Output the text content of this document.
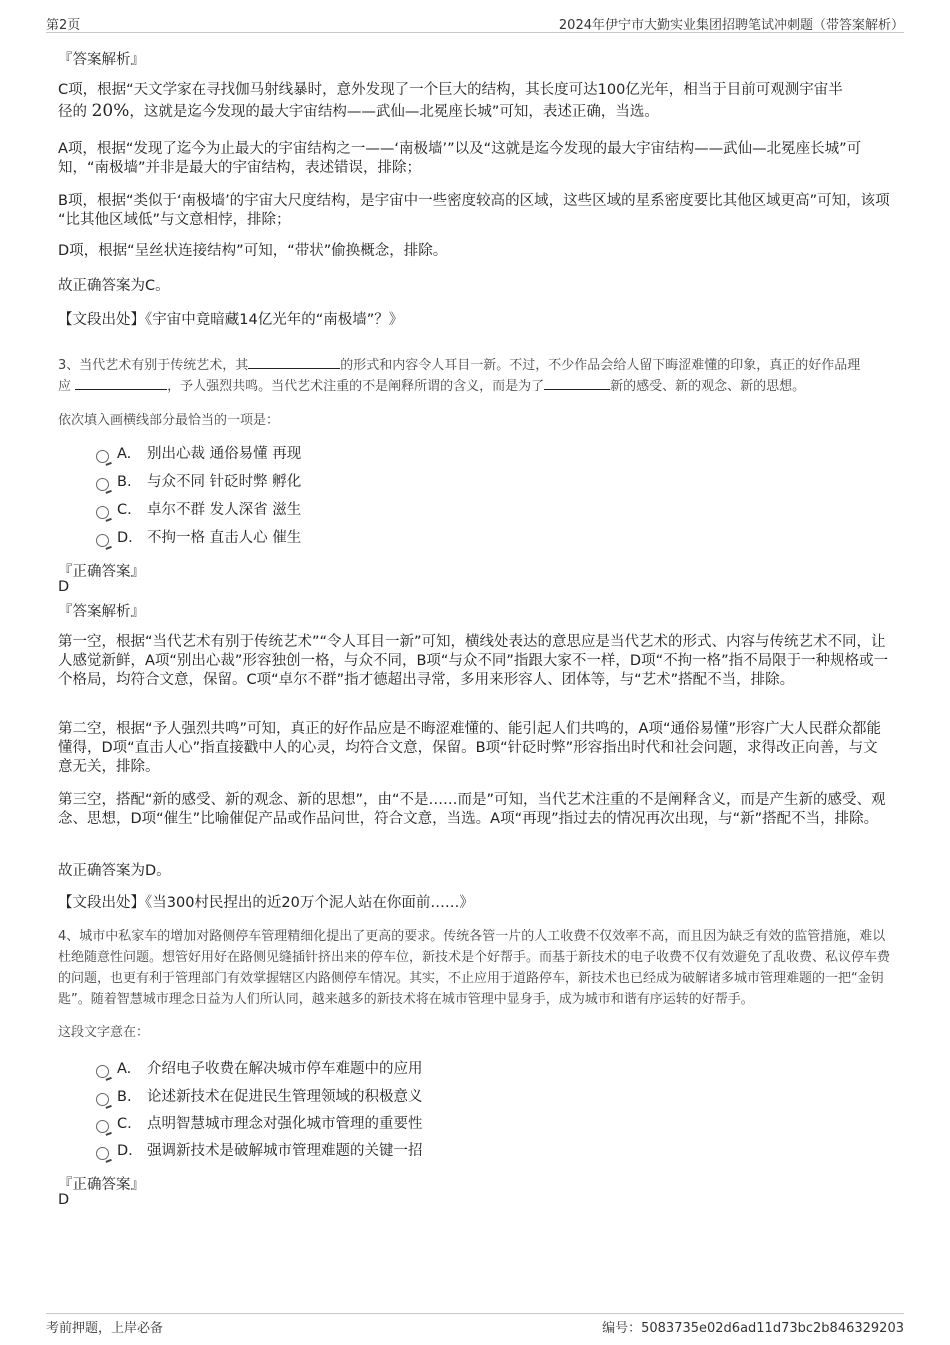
第2页	2024年伊宁市大勤实业集团招聘笔试冲刺题（带答案解析）
『答案解析』
C项，根据“天文学家在寻找伽马射线暴时，意外发现了一个巨大的结构，其长度可达100亿光年，相当于目前可观测宇宙半
径的 20%，这就是迄今发现的最大宇宙结构——武仙—北冕座长城”可知，表述正确，当选。
A项，根据“发现了迄今为止最大的宇宙结构之一——‘南极墙’”以及“这就是迄今发现的最大宇宙结构——武仙—北冕座长城”可知，“南极墙”并非是最大的宇宙结构，表述错误，排除；
B项，根据“类似于‘南极墙’的宇宙大尺度结构，是宇宙中一些密度较高的区域，这些区域的星系密度要比其他区域更高”可知，该项 “比其他区域低”与文意相悖，排除；
D项，根据“呈丝状连接结构”可知，“带状”偷换概念，排除。
故正确答案为C。
【文段出处】《宇宙中竟暗藏14亿光年的“南极墙”？》
3、当代艺术有别于传统艺术，其	的形式和内容令人耳目一新。不过，不少作品会给人留下晦涩难懂的印象，真正的好作品理
应	，予人强烈共鸣。当代艺术注重的不是阐释所谓的含义，而是为了	新的感受、新的观念、新的思想。
依次填入画横线部分最恰当的一项是：
A. 别出心裁 通俗易懂 再现
B. 与众不同 针砭时弊 孵化
C. 卓尔不群 发人深省 滋生
D. 不拘一格 直击人心 催生
『正确答案』
D
『答案解析』
第一空，根据“当代艺术有别于传统艺术”“令人耳目一新”可知，横线处表达的意思应是当代艺术的形式、内容与传统艺术不同，让人感觉新鲜，A项“别出心裁”形容独创一格，与众不同，B项“与众不同”指跟大家不一样，D项“不拘一格”指不局限于一种规格或一个格局，均符合文意，保留。C项“卓尔不群”指才德超出寻常，多用来形容人、团体等，与“艺术”搭配不当，排除。
第二空，根据“予人强烈共鸣”可知，真正的好作品应是不晦涩难懂的、能引起人们共鸣的，A项“通俗易懂”形容广大人民群众都能懂得，D项“直击人心”指直接戳中人的心灵，均符合文意，保留。B项“针砭时弊”形容指出时代和社会问题，求得改正向善，与文意无关，排除。
第三空，搭配“新的感受、新的观念、新的思想”，由“不是……而是”可知，当代艺术注重的不是阐释含义，而是产生新的感受、观念、思想，D项“催生”比喻催促产品或作品问世，符合文意，当选。A项“再现”指过去的情况再次出现，与“新”搭配不当，排除。
故正确答案为D。
【文段出处】《当300村民捏出的近20万个泥人站在你面前……》
4、城市中私家车的增加对路侧停车管理精细化提出了更高的要求。传统各管一片的人工收费不仅效率不高，而且因为缺乏有效的监管措施，难以杜绝随意性问题。想管好用好在路侧见缝插针挤出来的停车位，新技术是个好帮手。而基于新技术的电子收费不仅有效避免了乱收费、私议停车费的问题，也更有利于管理部门有效掌握辖区内路侧停车情况。其实，不止应用于道路停车，新技术也已经成为破解诸多城市管理难题的一把“金钥匙”。随着智慧城市理念日益为人们所认同，越来越多的新技术将在城市管理中显身手，成为城市和谐有序运转的好帮手。
这段文字意在：
A. 介绍电子收费在解决城市停车难题中的应用
B. 论述新技术在促进民生管理领域的积极意义
C. 点明智慧城市理念对强化城市管理的重要性
D. 强调新技术是破解城市管理难题的关键一招
『正确答案』
D
考前押题，上岸必备	编号：5083735e02d6ad11d73bc2b846329203
